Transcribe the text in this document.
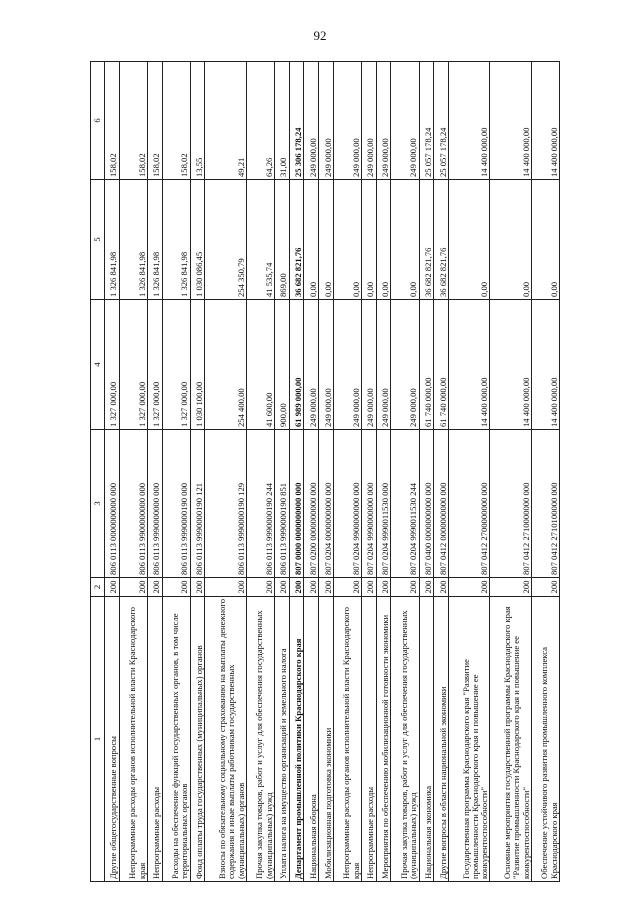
92
1	2	3	4	5	6
Другие общегосударственные вопросы	200	806 0113 0000000000 000	1 327 000,00	1 326 841,98	158,02
Непрограммные расходы органов исполнительной власти Краснодарского края	200	806 0113 9900000000 000	1 327 000,00	1 326 841,98	158,02
Непрограммные расходы	200	806 0113 9990000000 000	1 327 000,00	1 326 841,98	158,02
Расходы на обеспечение функций государственных органов, в том числе территориальных органов	200	806 0113 9990000190 000	1 327 000,00	1 326 841,98	158,02
Фонд оплаты труда государственных (муниципальных) органов	200	806 0113 9990000190 121	1 030 100,00	1 030 086,45	13,55
Взносы по обязательному социальному страхованию на выплаты денежного содержания и иные выплаты работникам государственных (муниципальных) органов	200	806 0113 9990000190 129	254 400,00	254 350,79	49,21
Прочая закупка товаров, работ и услуг для обеспечения государственных (муниципальных) нужд	200	806 0113 9990000190 244	41 600,00	41 535,74	64,26
Уплата налога на имущество организаций и земельного налога	200	806 0113 9990000190 851	900,00	869,00	31,00
Департамент промышленной политики Краснодарского края	200	807 0000 0000000000 000	61 989 000,00	36 682 821,76	25 306 178,24
Национальная оборона	200	807 0200 0000000000 000	249 000,00	0,00	249 000,00
Мобилизационная подготовка экономики	200	807 0204 0000000000 000	249 000,00	0,00	249 000,00
Непрограммные расходы органов исполнительной власти Краснодарского края	200	807 0204 9900000000 000	249 000,00	0,00	249 000,00
Непрограммные расходы	200	807 0204 9990000000 000	249 000,00	0,00	249 000,00
Мероприятия по обеспечению мобилизационной готовности экономики	200	807 0204 9990011530 000	249 000,00	0,00	249 000,00
Прочая закупка товаров, работ и услуг для обеспечения государственных (муниципальных) нужд	200	807 0204 9990011530 244	249 000,00	0,00	249 000,00
Национальная экономика	200	807 0400 0000000000 000	61 740 000,00	36 682 821,76	25 057 178,24
Другие вопросы в области национальной экономики	200	807 0412 0000000000 000	61 740 000,00	36 682 821,76	25 057 178,24
Государственная программа Краснодарского края "Развитие промышленности Краснодарского края и повышение ее конкурентоспособности"	200	807 0412 2700000000 000	14 400 000,00	0,00	14 400 000,00
Основные мероприятия государственной программы Краснодарского края "Развитие промышленности Краснодарского края и повышение ее конкурентоспособности"	200	807 0412 2710000000 000	14 400 000,00	0,00	14 400 000,00
Обеспечение устойчивого развития промышленного комплекса Краснодарского края	200	807 0412 2710100000 000	14 400 000,00	0,00	14 400 000,00
